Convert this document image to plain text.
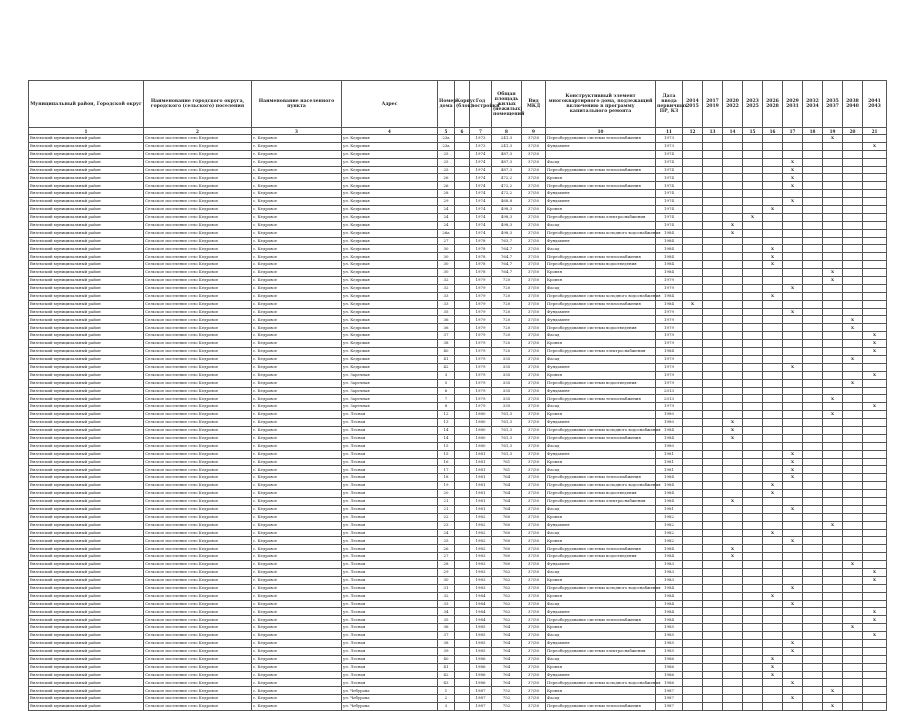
Муниципальный район, Городской округ	Наименование городского округа, городского (сельского) поселения	Наименование населенного пункта	Адрес	Номер дома	Корпус (блок)	Год постройки	Общая площадь жилых (нежилых) помещений	Вид МКД	Конструктивный элемент многоквартирного дома, подлежащий включению в программу капитального ремонта	Дата ввода первичных ПР, КЗ	2014 2015	2017 2019	2020 2022	2023 2025	2026 2028	2029 2031	2032 2034	2035 2037	2038 2040	2041 2043
1	2	3	4	5	6	7	8	9	10	11	12	13	14	15	16	17	18	19	20	21
Вяземский муниципальный район	Сельское поселение село Кедровое	с. Кедровое	ул. Кедровая	23а		1973	241,3	37/50	Переоборудование системы теплоснабжения	1973								X		
Вяземский муниципальный район	Сельское поселение село Кедровое	с. Кедровое	ул. Кедровая	23а		1973	241,3	37/50	Фундамент	1973										X
Вяземский муниципальный район	Сельское поселение село Кедровое	с. Кедровое	ул. Кедровая	25		1974	487,3	37/50		1974										
Вяземский муниципальный район	Сельское поселение село Кедровое	с. Кедровое	ул. Кедровая	25		1974	487,3	37/50	Фасад	1974						X				
Вяземский муниципальный район	Сельское поселение село Кедровое	с. Кедровое	ул. Кедровая	25		1974	487,3	37/50	Переоборудование системы теплоснабжения	1974						X				
Вяземский муниципальный район	Сельское поселение село Кедровое	с. Кедровое	ул. Кедровая	26		1974	472,2	37/50	Кровля	1974						X				
Вяземский муниципальный район	Сельское поселение село Кедровое	с. Кедровое	ул. Кедровая	26		1974	472,2	37/50	Переоборудование системы теплоснабжения	1974						X				
Вяземский муниципальный район	Сельское поселение село Кедровое	с. Кедровое	ул. Кедровая	28		1974	472,2	37/50	Фундамент	1974										
Вяземский муниципальный район	Сельское поселение село Кедровое	с. Кедровое	ул. Кедровая	29		1974	468,8	37/50	Фундамент	1974						X				
Вяземский муниципальный район	Сельское поселение село Кедровое	с. Кедровое	ул. Кедровая	24		1974	498,3	37/50	Кровля	1974					X					
Вяземский муниципальный район	Сельское поселение село Кедровое	с. Кедровое	ул. Кедровая	24		1974	498,3	37/50	Переоборудование системы электроснабжения	1974				X						
Вяземский муниципальный район	Сельское поселение село Кедровое	с. Кедровое	ул. Кедровая	24		1974	498,3	37/50	Фасад	1974			X							
Вяземский муниципальный район	Сельское поселение село Кедровое	с. Кедровое	ул. Кедровая	26а		1974	498,3	37/50	Переоборудование системы холодного водоснабжения	1984			X							
Вяземский муниципальный район	Сельское поселение село Кедровое	с. Кедровое	ул. Кедровая	27		1978	763,7	37/50	Фундамент	1984										
Вяземский муниципальный район	Сельское поселение село Кедровое	с. Кедровое	ул. Кедровая	30		1978	764,7	37/50	Фасад	1984					X					
Вяземский муниципальный район	Сельское поселение село Кедровое	с. Кедровое	ул. Кедровая	30		1978	764,7	37/50	Переоборудование системы теплоснабжения	1984					X					
Вяземский муниципальный район	Сельское поселение село Кедровое	с. Кедровое	ул. Кедровая	30		1978	764,7	37/50	Переоборудование системы водоотведения	1984					X					
Вяземский муниципальный район	Сельское поселение село Кедровое	с. Кедровое	ул. Кедровая	30		1978	764,7	37/50	Кровля	1984								X		
Вяземский муниципальный район	Сельское поселение село Кедровое	с. Кедровое	ул. Кедровая	32		1979	720	37/50	Кровля	1979								X		
Вяземский муниципальный район	Сельское поселение село Кедровое	с. Кедровое	ул. Кедровая	32		1979	720	37/50	Фасад	1979						X				
Вяземский муниципальный район	Сельское поселение село Кедровое	с. Кедровое	ул. Кедровая	33		1979	720	37/50	Переоборудование системы холодного водоснабжения	1984					X					
Вяземский муниципальный район	Сельское поселение село Кедровое	с. Кедровое	ул. Кедровая	33		1979	720	37/50	Переоборудование системы теплоснабжения	1984	X									
Вяземский муниципальный район	Сельское поселение село Кедровое	с. Кедровое	ул. Кедровая	35		1979	720	37/50	Фундамент	1979						X				
Вяземский муниципальный район	Сельское поселение село Кедровое	с. Кедровое	ул. Кедровая	36		1979	720	37/50	Фундамент	1979									X	
Вяземский муниципальный район	Сельское поселение село Кедровое	с. Кедровое	ул. Кедровая	36		1979	720	37/50	Переоборудование системы водоотведения	1979									X	
Вяземский муниципальный район	Сельское поселение село Кедровое	с. Кедровое	ул. Кедровая	37		1979	720	37/50	Фасад	1979										X
Вяземский муниципальный район	Сельское поселение село Кедровое	с. Кедровое	ул. Кедровая	38		1979	720	37/50	Кровля	1979										X
Вяземский муниципальный район	Сельское поселение село Кедровое	с. Кедровое	ул. Кедровая	40		1979	720	37/50	Переоборудование системы электроснабжения	1984										X
Вяземский муниципальный район	Сельское поселение село Кедровое	с. Кедровое	ул. Кедровая	41		1979	335	37/50	Фасад	1979									X	
Вяземский муниципальный район	Сельское поселение село Кедровое	с. Кедровое	ул. Кедровая	42		1979	335	37/50	Фундамент	1979						X				
Вяземский муниципальный район	Сельское поселение село Кедровое	с. Кедровое	ул. Заречная	3		1979	335	37/50	Кровля	1979										X
Вяземский муниципальный район	Сельское поселение село Кедровое	с. Кедровое	ул. Заречная	5		1979	335	37/50	Переоборудование системы водоотведения	1979									X	
Вяземский муниципальный район	Сельское поселение село Кедровое	с. Кедровое	ул. Заречная	6		1979	335	37/50	Фундамент	2013										
Вяземский муниципальный район	Сельское поселение село Кедровое	с. Кедровое	ул. Заречная	7		1979	335	37/50	Переоборудование системы теплоснабжения	2013								X		
Вяземский муниципальный район	Сельское поселение село Кедровое	с. Кедровое	ул. Заречная	8		1979	335	37/50	Фасад	1979										X
Вяземский муниципальный район	Сельское поселение село Кедровое	с. Кедровое	ул. Лесная	12		1980	761,3	37/50	Кровля	1980								X		
Вяземский муниципальный район	Сельское поселение село Кедровое	с. Кедровое	ул. Лесная	13		1980	761,3	37/50	Фундамент	1980			X							
Вяземский муниципальный район	Сельское поселение село Кедровое	с. Кедровое	ул. Лесная	14		1980	761,3	37/50	Переоборудование системы холодного водоснабжения	1984			X							
Вяземский муниципальный район	Сельское поселение село Кедровое	с. Кедровое	ул. Лесная	14		1980	761,3	37/50	Переоборудование системы теплоснабжения	1984			X							
Вяземский муниципальный район	Сельское поселение село Кедровое	с. Кедровое	ул. Лесная	15		1980	761,3	37/50	Фасад	1980										
Вяземский муниципальный район	Сельское поселение село Кедровое	с. Кедровое	ул. Лесная	15		1981	761,3	37/50	Фундамент	1981						X				
Вяземский муниципальный район	Сельское поселение село Кедровое	с. Кедровое	ул. Лесная	16		1981	761	37/50	Кровля	1981						X				
Вяземский муниципальный район	Сельское поселение село Кедровое	с. Кедровое	ул. Лесная	17		1981	761	37/50	Фасад	1981						X				
Вяземский муниципальный район	Сельское поселение село Кедровое	с. Кедровое	ул. Лесная	18		1981	764	37/50	Переоборудование системы теплоснабжения	1984						X				
Вяземский муниципальный район	Сельское поселение село Кедровое	с. Кедровое	ул. Лесная	19		1981	764	37/50	Переоборудование системы холодного водоснабжения	1984					X					
Вяземский муниципальный район	Сельское поселение село Кедровое	с. Кедровое	ул. Лесная	20		1981	764	37/50	Переоборудование системы водоотведения	1984					X					
Вяземский муниципальный район	Сельское поселение село Кедровое	с. Кедровое	ул. Лесная	21		1981	764	37/50	Переоборудование системы электроснабжения	1984			X							
Вяземский муниципальный район	Сельское поселение село Кедровое	с. Кедровое	ул. Лесная	21		1981	764	37/50	Фасад	1981						X				
Вяземский муниципальный район	Сельское поселение село Кедровое	с. Кедровое	ул. Лесная	22		1982	760	37/50	Кровля	1982										
Вяземский муниципальный район	Сельское поселение село Кедровое	с. Кедровое	ул. Лесная	23		1982	760	37/50	Фундамент	1982								X		
Вяземский муниципальный район	Сельское поселение село Кедровое	с. Кедровое	ул. Лесная	24		1982	760	37/50	Фасад	1982					X					
Вяземский муниципальный район	Сельское поселение село Кедровое	с. Кедровое	ул. Лесная	25		1982	760	37/50	Кровля	1982						X				
Вяземский муниципальный район	Сельское поселение село Кедровое	с. Кедровое	ул. Лесная	26		1982	760	37/50	Переоборудование системы теплоснабжения	1984			X							
Вяземский муниципальный район	Сельское поселение село Кедровое	с. Кедровое	ул. Лесная	27		1983	760	37/50	Переоборудование системы водоотведения	1984			X							
Вяземский муниципальный район	Сельское поселение село Кедровое	с. Кедровое	ул. Лесная	28		1983	760	37/50	Фундамент	1983									X	
Вяземский муниципальный район	Сельское поселение село Кедровое	с. Кедровое	ул. Лесная	29		1983	762	37/50	Фасад	1983										X
Вяземский муниципальный район	Сельское поселение село Кедровое	с. Кедровое	ул. Лесная	30		1983	762	37/50	Кровля	1983										X
Вяземский муниципальный район	Сельское поселение село Кедровое	с. Кедровое	ул. Лесная	31		1983	762	37/50	Переоборудование системы холодного водоснабжения	1984						X				
Вяземский муниципальный район	Сельское поселение село Кедровое	с. Кедровое	ул. Лесная	32		1984	762	37/50	Кровля	1984					X					
Вяземский муниципальный район	Сельское поселение село Кедровое	с. Кедровое	ул. Лесная	33		1984	762	37/50	Фасад	1984						X				
Вяземский муниципальный район	Сельское поселение село Кедровое	с. Кедровое	ул. Лесная	34		1984	762	37/50	Фундамент	1984										X
Вяземский муниципальный район	Сельское поселение село Кедровое	с. Кедровое	ул. Лесная	35		1984	762	37/50	Переоборудование системы теплоснабжения	1984										X
Вяземский муниципальный район	Сельское поселение село Кедровое	с. Кедровое	ул. Лесная	36		1985	764	37/50	Кровля	1985									X	
Вяземский муниципальный район	Сельское поселение село Кедровое	с. Кедровое	ул. Лесная	37		1985	764	37/50	Фасад	1985										X
Вяземский муниципальный район	Сельское поселение село Кедровое	с. Кедровое	ул. Лесная	38		1985	764	37/50	Фундамент	1985						X				
Вяземский муниципальный район	Сельское поселение село Кедровое	с. Кедровое	ул. Лесная	39		1985	764	37/50	Переоборудование системы электроснабжения	1985						X				
Вяземский муниципальный район	Сельское поселение село Кедровое	с. Кедровое	ул. Лесная	40		1986	764	37/50	Фасад	1986					X					
Вяземский муниципальный район	Сельское поселение село Кедровое	с. Кедровое	ул. Лесная	41		1986	764	37/50	Кровля	1986					X					
Вяземский муниципальный район	Сельское поселение село Кедровое	с. Кедровое	ул. Лесная	42		1986	764	37/50	Фундамент	1986					X					
Вяземский муниципальный район	Сельское поселение село Кедровое	с. Кедровое	ул. Лесная	43		1986	764	37/50	Переоборудование системы холодного водоснабжения	1986						X				
Вяземский муниципальный район	Сельское поселение село Кедровое	с. Кедровое	ул. Чебурова	1		1987	752	37/50	Кровля	1987								X		
Вяземский муниципальный район	Сельское поселение село Кедровое	с. Кедровое	ул. Чебурова	2		1987	752	37/50	Фасад	1987						X				
Вяземский муниципальный район	Сельское поселение село Кедровое	с. Кедровое	ул. Чебурова	3		1987	752	37/50	Переоборудование системы теплоснабжения	1987								X		
